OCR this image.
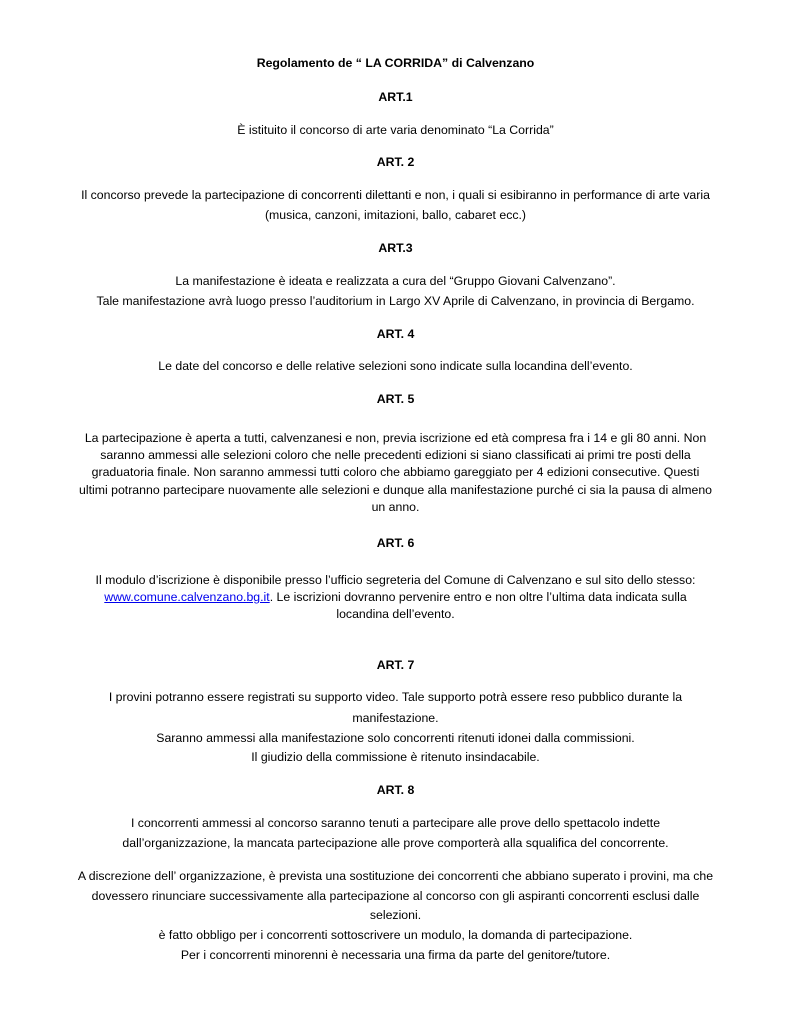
Regolamento de “ LA CORRIDA” di Calvenzano
ART.1
È istituito il concorso di arte varia denominato “La Corrida”
ART. 2
Il concorso prevede la partecipazione di concorrenti dilettanti e non, i quali si esibiranno in performance di arte varia
(musica, canzoni, imitazioni, ballo, cabaret ecc.)
ART.3
La manifestazione è ideata e realizzata a cura del “Gruppo Giovani Calvenzano”.
Tale manifestazione avrà luogo presso l’auditorium in Largo XV Aprile di Calvenzano, in provincia di Bergamo.
ART. 4
Le date del concorso e delle relative selezioni sono indicate sulla locandina dell’evento.
ART. 5
La partecipazione è aperta a tutti, calvenzanesi e non, previa iscrizione ed età compresa fra i 14 e gli 80 anni. Non
saranno ammessi alle selezioni coloro che nelle precedenti edizioni si siano classificati ai primi tre posti della
graduatoria finale. Non saranno ammessi tutti coloro che abbiamo gareggiato per 4 edizioni consecutive. Questi
ultimi potranno partecipare nuovamente alle selezioni e dunque alla manifestazione purché ci sia la pausa di almeno
un anno.
ART. 6
Il modulo d’iscrizione è disponibile presso l’ufficio segreteria del Comune di Calvenzano e sul sito dello stesso:
www.comune.calvenzano.bg.it. Le iscrizioni dovranno pervenire entro e non oltre l’ultima data indicata sulla
locandina dell’evento.
ART. 7
I provini potranno essere registrati su supporto video. Tale supporto potrà essere reso pubblico durante la
manifestazione.
Saranno ammessi alla manifestazione solo concorrenti ritenuti idonei dalla commissioni.
Il giudizio della commissione è ritenuto insindacabile.
ART. 8
I concorrenti ammessi al concorso saranno tenuti a partecipare alle prove dello spettacolo indette
dall’organizzazione, la mancata partecipazione alle prove comporterà alla squalifica del concorrente.
A discrezione dell’ organizzazione, è prevista una sostituzione dei concorrenti che abbiano superato i provini, ma che
dovessero rinunciare successivamente alla partecipazione al concorso con gli aspiranti concorrenti esclusi dalle
selezioni.
è fatto obbligo per i concorrenti sottoscrivere un modulo, la domanda di partecipazione.
Per i concorrenti minorenni è necessaria una firma da parte del genitore/tutore.
